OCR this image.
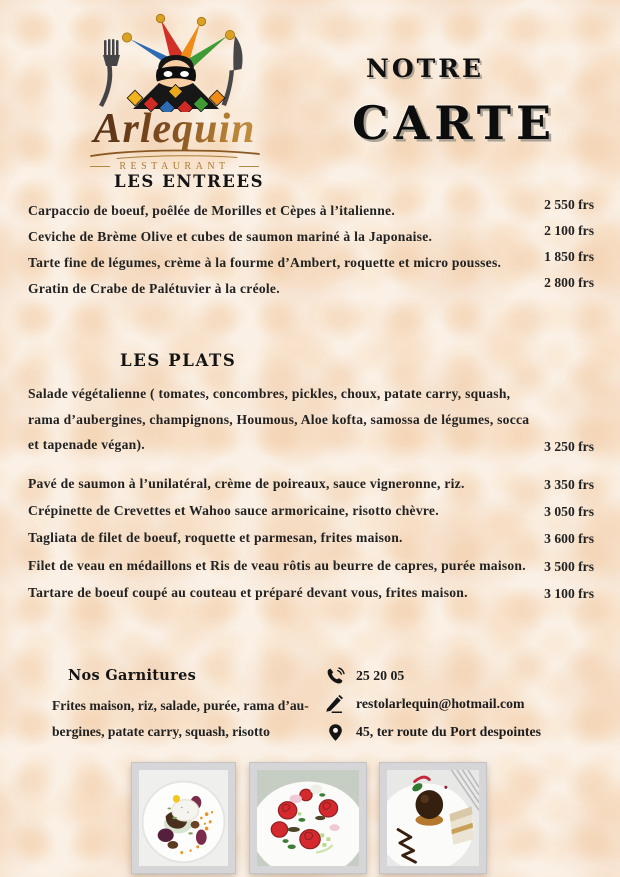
Arlequin
RESTAURANT
NOTRE
CARTE
LES ENTREES
Carpaccio de boeuf, poêlée de Morilles et Cèpes à l’italienne.	2 550 frs
Ceviche de Brème Olive et cubes de saumon mariné à la Japonaise.	2 100 frs
Tarte fine de légumes, crème à la fourme d’Ambert, roquette et micro pousses.	1 850 frs
Gratin de Crabe de Palétuvier à la créole.	2 800 frs
LES PLATS
Salade végétalienne ( tomates, concombres, pickles, choux, patate carry, squash,
rama d’aubergines, champignons, Houmous, Aloe kofta, samossa de légumes, socca
et tapenade végan).	3 250 frs
Pavé de saumon à l’unilatéral, crème de poireaux, sauce vigneronne, riz.	3 350 frs
Crépinette de Crevettes et Wahoo sauce armoricaine, risotto chèvre.	3 050 frs
Tagliata de filet de boeuf, roquette et parmesan, frites maison.	3 600 frs
Filet de veau en médaillons et Ris de veau rôtis au beurre de capres, purée maison.	3 500 frs
Tartare de boeuf coupé au couteau et préparé devant vous, frites maison.	3 100 frs
Nos Garnitures
Frites maison, riz, salade, purée, rama d’au-
bergines, patate carry, squash, risotto
25 20 05
restolarlequin@hotmail.com
45, ter route du Port despointes
